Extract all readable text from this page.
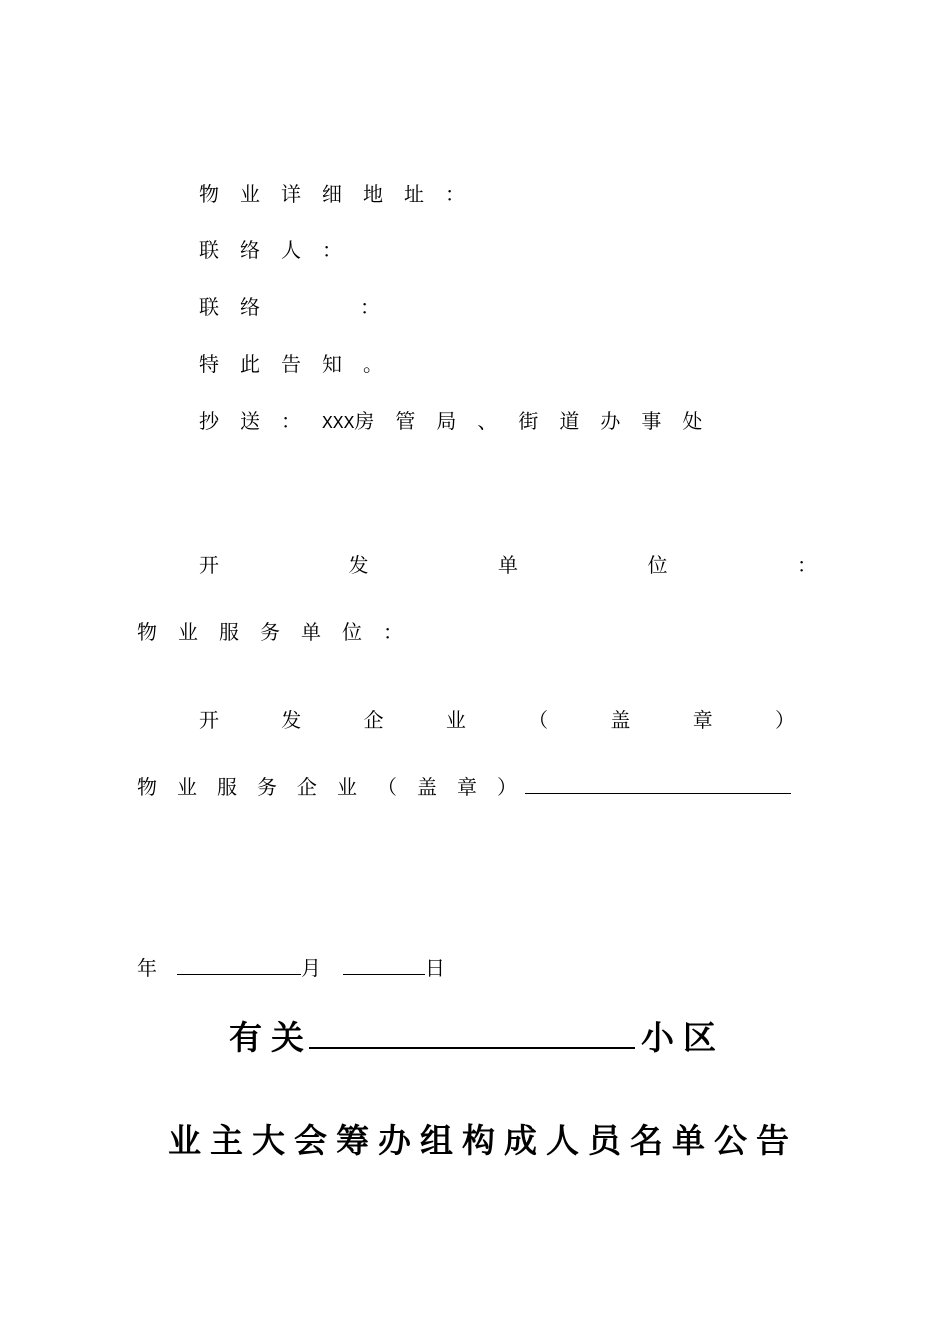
物业详细地址：
联络人：
联络	：
特此告知。
抄送：XXX房管局、街道办事处
开	发	单	位	：
物业服务单位：
开	发	企	业	（	盖	章	）
物业服务企业（盖章）
年	月	日
有关	小区
业主大会筹办组构成人员名单公告
